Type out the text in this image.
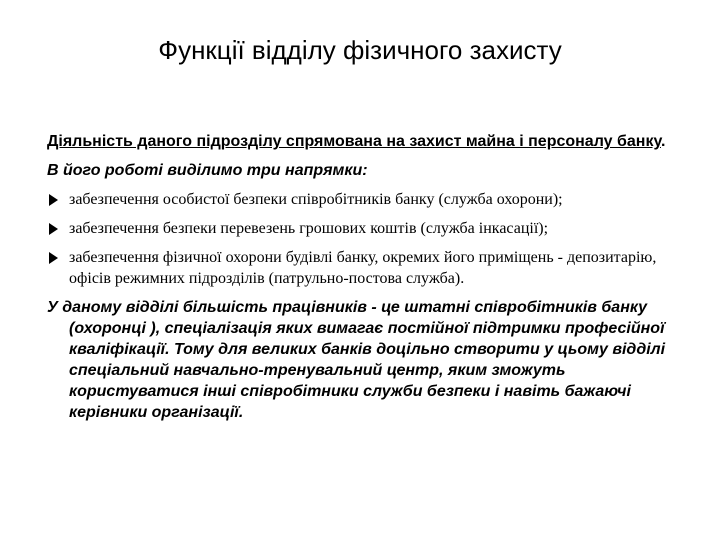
Функції відділу фізичного захисту

Діяльність даного підрозділу спрямована на захист майна і персоналу банку.

В його роботі виділимо три напрямки:

забезпечення особистої безпеки співробітників банку (служба охорони);
забезпечення безпеки перевезень грошових коштів (служба інкасації);
забезпечення фізичної охорони будівлі банку, окремих його приміщень - депозитарію, офісів режимних підрозділів (патрульно-постова служба).

У даному відділі більшість працівників - це штатні співробітників банку (охоронці ), спеціалізація яких вимагає постійної підтримки професійної кваліфікації. Тому для великих банків доцільно створити у цьому відділі спеціальний навчально-тренувальний центр, яким зможуть користуватися інші співробітники служби безпеки і навіть бажаючі керівники організації.
